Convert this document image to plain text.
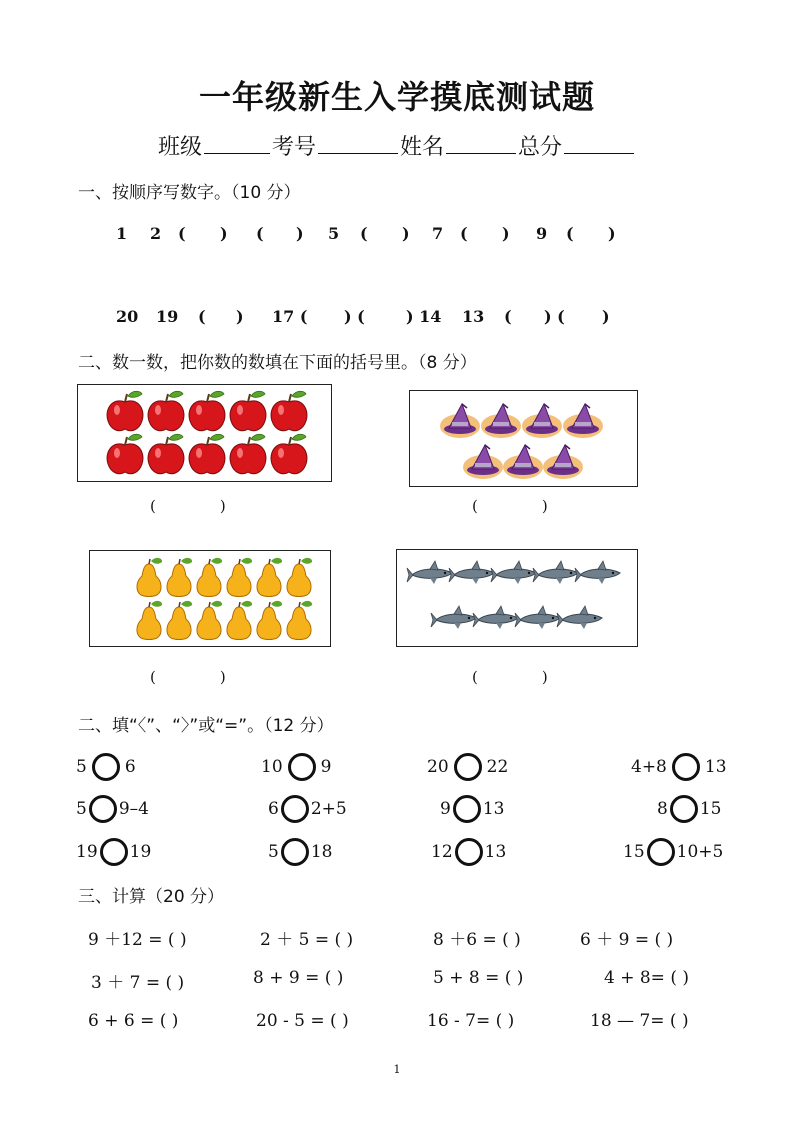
一年级新生入学摸底测试题
班级	考号	姓名	总分
一、按顺序写数字。（10 分）
1 2 ( ) ( ) 5 ( ) 7 ( ) 9 ( )
20 19 ( ) 17 ( ) (	) 14 13 ( ) ( )
二、数一数，把你数的数填在下面的括号里。（8 分）
(	)	(	)
(	)	(	)
二、填“〈”、“〉”或“=”。（12 分）
5 6	10 9	20 22	4+8 13
5 9–4	6 2+5	9 13	8 15
19 19	5 18	12 13	15 10+5
三、计算（20 分）
9 ＋12 = ( )	2 ＋ 5 = ( )	8 ＋6 = ( )	6 ＋ 9 = ( )
3 ＋ 7 = ( )	8 + 9 = ( )	5 + 8 = ( )	4 + 8= ( )
6 + 6 = ( )	20 - 5 = ( )	16 - 7= ( )	18 — 7= ( )
1
